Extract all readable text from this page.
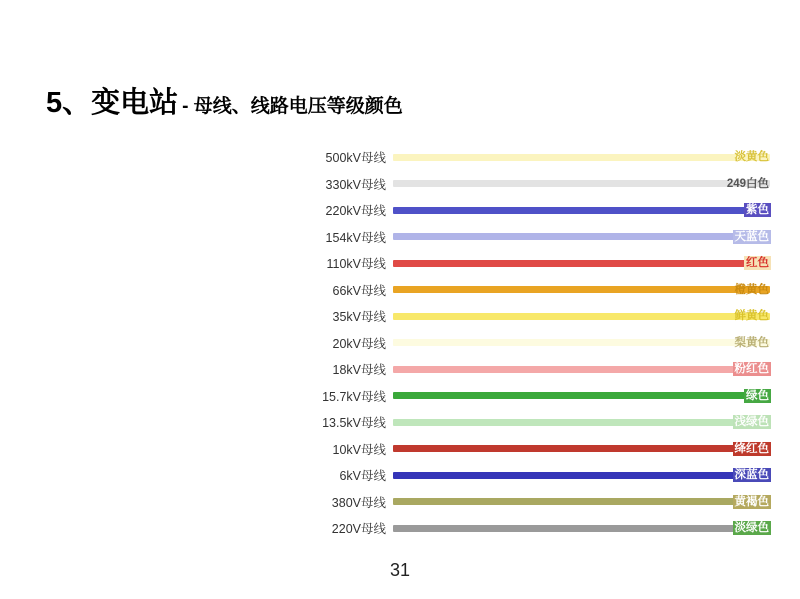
5、变电站 - 母线、线路电压等级颜色
500kV母线	淡黄色
330kV母线	249白色
220kV母线	紫色
154kV母线	天蓝色
110kV母线	红色
66kV母线	橙黄色
35kV母线	鲜黄色
20kV母线	梨黄色
18kV母线	粉红色
15.7kV母线	绿色
13.5kV母线	浅绿色
10kV母线	绛红色
6kV母线	深蓝色
380V母线	黄褐色
220V母线	淡绿色
31
